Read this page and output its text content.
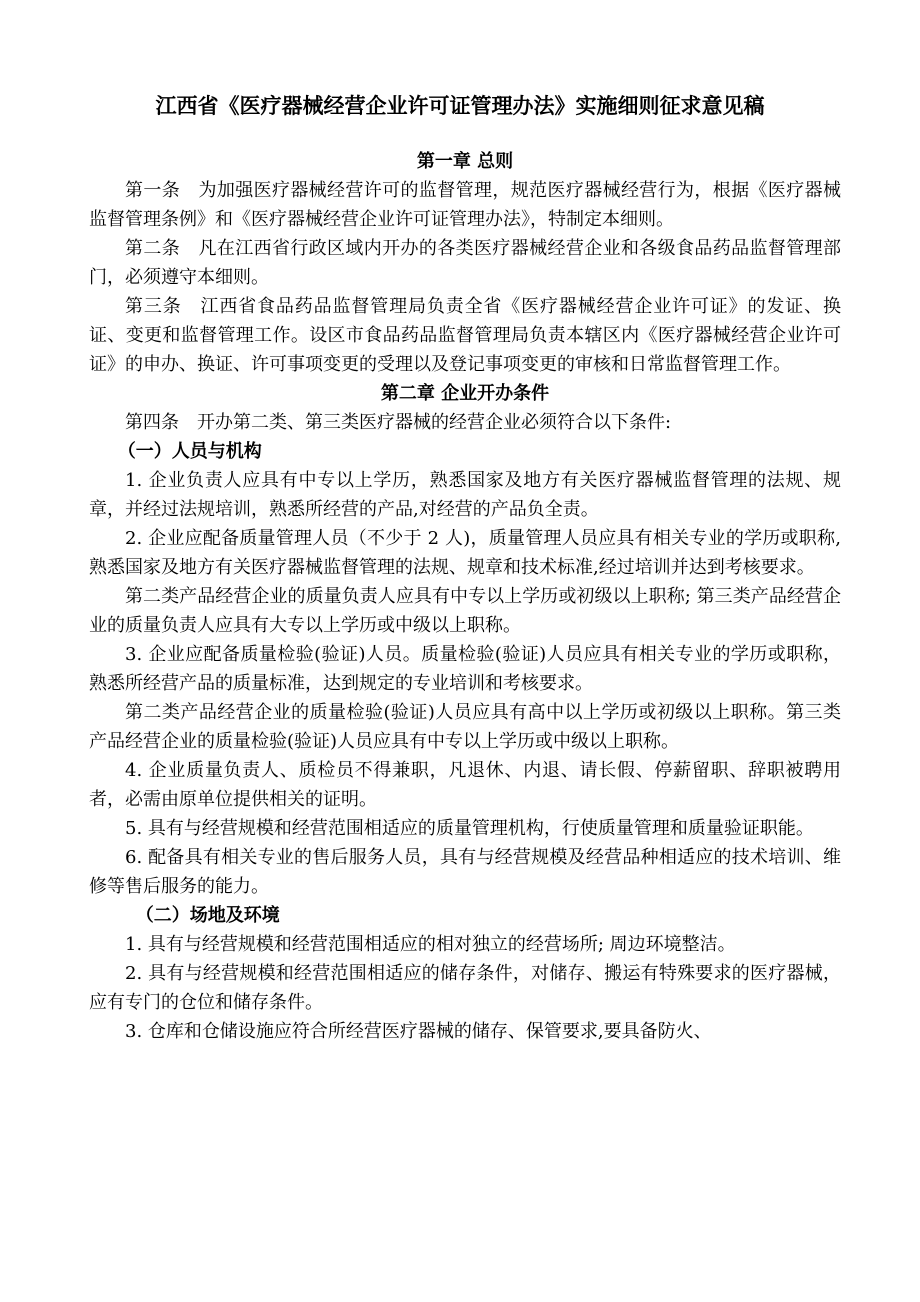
江西省《医疗器械经营企业许可证管理办法》实施细则征求意见稿

第一章 总则

第一条　为加强医疗器械经营许可的监督管理，规范医疗器械经营行为，根据《医疗器械监督管理条例》和《医疗器械经营企业许可证管理办法》，特制定本细则。

第二条　凡在江西省行政区域内开办的各类医疗器械经营企业和各级食品药品监督管理部门，必须遵守本细则。

第三条　江西省食品药品监督管理局负责全省《医疗器械经营企业许可证》的发证、换证、变更和监督管理工作。设区市食品药品监督管理局负责本辖区内《医疗器械经营企业许可证》的申办、换证、许可事项变更的受理以及登记事项变更的审核和日常监督管理工作。

第二章 企业开办条件

第四条　开办第二类、第三类医疗器械的经营企业必须符合以下条件:

（一）人员与机构

1. 企业负责人应具有中专以上学历，熟悉国家及地方有关医疗器械监督管理的法规、规章，并经过法规培训，熟悉所经营的产品,对经营的产品负全责。

2. 企业应配备质量管理人员（不少于 2 人)，质量管理人员应具有相关专业的学历或职称,熟悉国家及地方有关医疗器械监督管理的法规、规章和技术标准,经过培训并达到考核要求。

第二类产品经营企业的质量负责人应具有中专以上学历或初级以上职称; 第三类产品经营企业的质量负责人应具有大专以上学历或中级以上职称。

3. 企业应配备质量检验(验证)人员。质量检验(验证)人员应具有相关专业的学历或职称，熟悉所经营产品的质量标准，达到规定的专业培训和考核要求。

第二类产品经营企业的质量检验(验证)人员应具有高中以上学历或初级以上职称。第三类产品经营企业的质量检验(验证)人员应具有中专以上学历或中级以上职称。

4. 企业质量负责人、质检员不得兼职，凡退休、内退、请长假、停薪留职、辞职被聘用者，必需由原单位提供相关的证明。

5. 具有与经营规模和经营范围相适应的质量管理机构，行使质量管理和质量验证职能。

6. 配备具有相关专业的售后服务人员，具有与经营规模及经营品种相适应的技术培训、维修等售后服务的能力。

（二）场地及环境

1. 具有与经营规模和经营范围相适应的相对独立的经营场所; 周边环境整洁。

2. 具有与经营规模和经营范围相适应的储存条件，对储存、搬运有特殊要求的医疗器械，应有专门的仓位和储存条件。

3. 仓库和仓储设施应符合所经营医疗器械的储存、保管要求,要具备防火、
